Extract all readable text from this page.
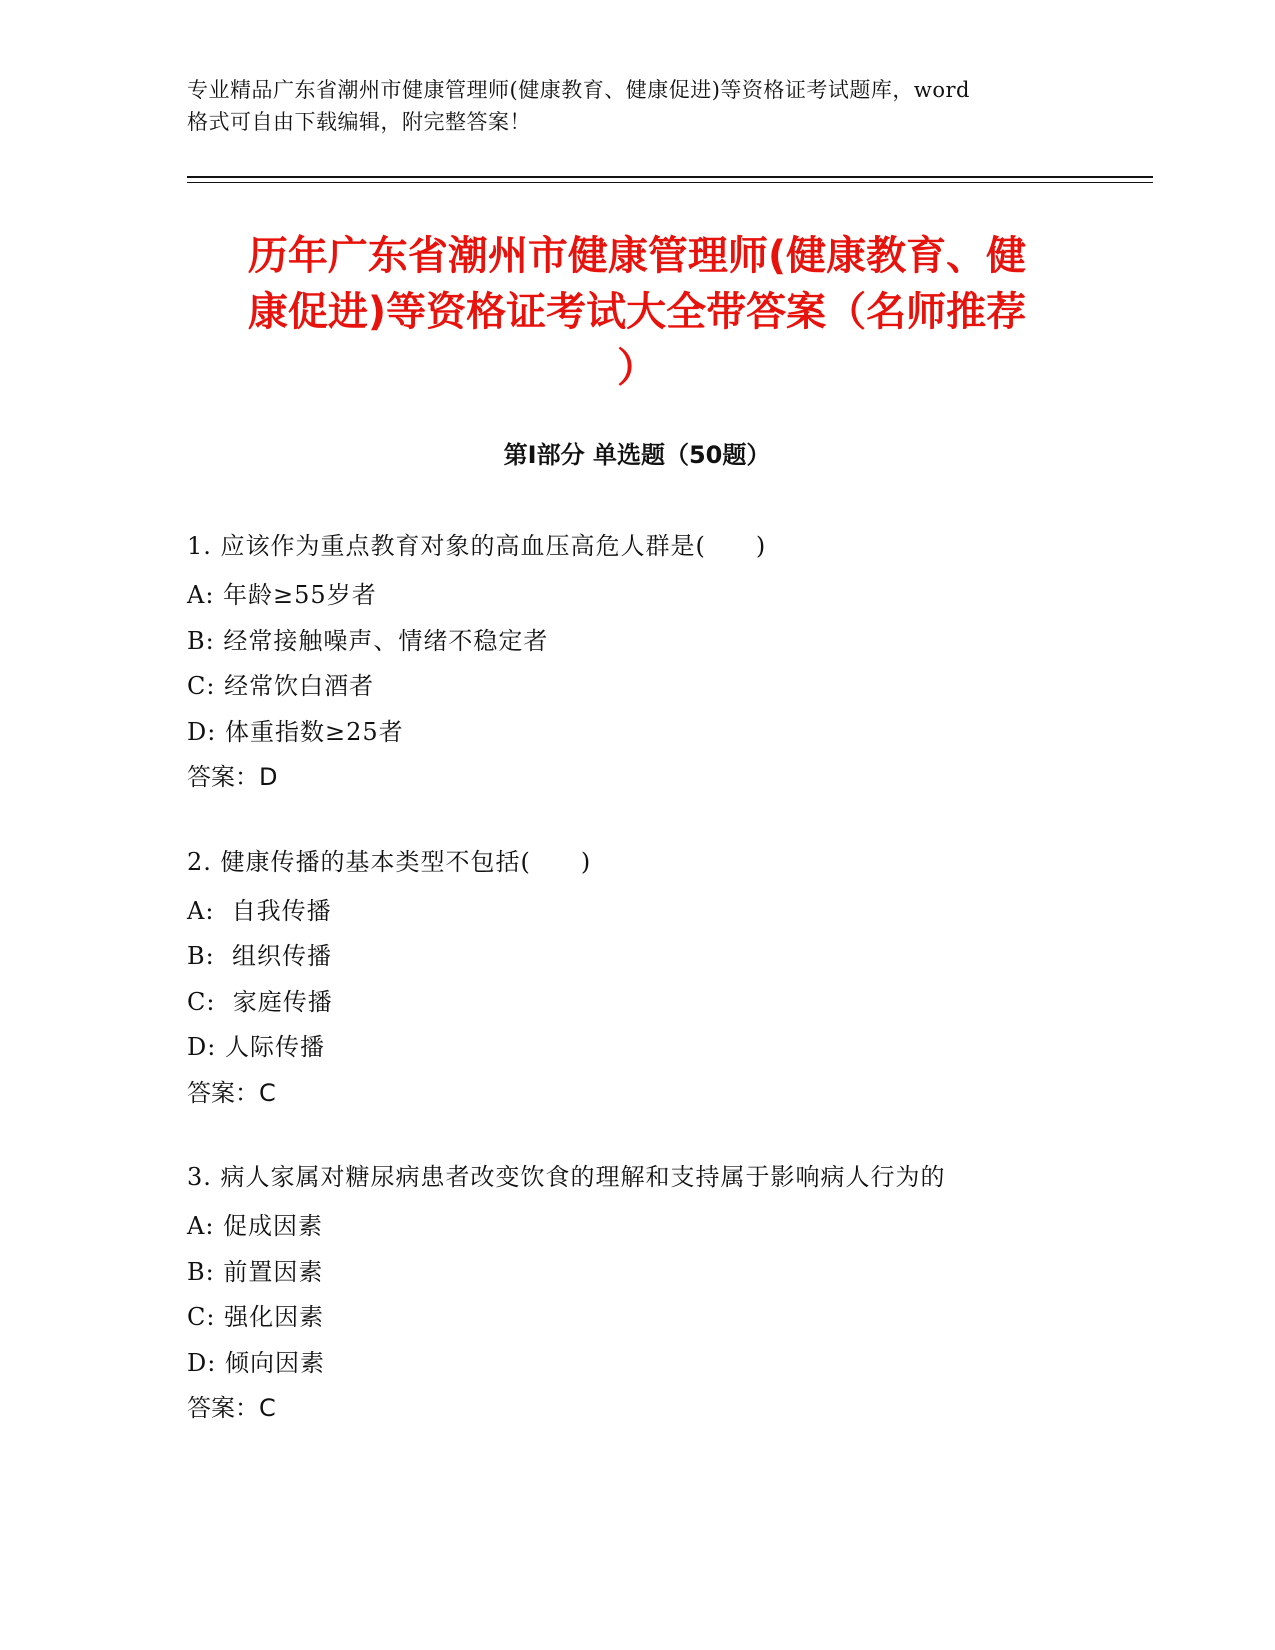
专业精品广东省潮州市健康管理师(健康教育、健康促进)等资格证考试题库，word
格式可自由下载编辑，附完整答案！
历年广东省潮州市健康管理师(健康教育、健
康促进)等资格证考试大全带答案（名师推荐
）
第Ⅰ部分 单选题（50题）
1. 应该作为重点教育对象的高血压高危人群是(　　)
A: 年龄≥55岁者
B: 经常接触噪声、情绪不稳定者
C: 经常饮白酒者
D: 体重指数≥25者
答案：D
2. 健康传播的基本类型不包括(　　)
A:  自我传播
B:  组织传播
C:  家庭传播
D: 人际传播
答案：C
3. 病人家属对糖尿病患者改变饮食的理解和支持属于影响病人行为的
A: 促成因素
B: 前置因素
C: 强化因素
D: 倾向因素
答案：C
